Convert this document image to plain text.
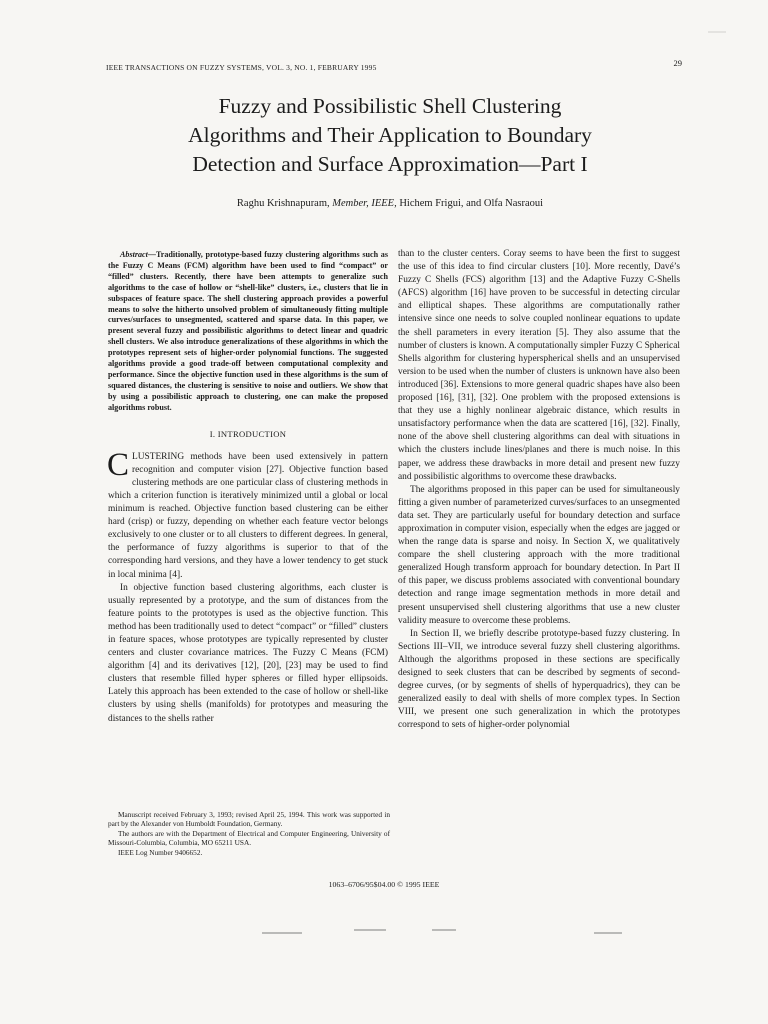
IEEE TRANSACTIONS ON FUZZY SYSTEMS, VOL. 3, NO. 1, FEBRUARY 1995	29
Fuzzy and Possibilistic Shell Clustering
Algorithms and Their Application to Boundary
Detection and Surface Approximation—Part I
Raghu Krishnapuram, Member, IEEE, Hichem Frigui, and Olfa Nasraoui

Abstract—Traditionally, prototype-based fuzzy clustering algorithms such as the Fuzzy C Means (FCM) algorithm have been used to find “compact” or “filled” clusters. Recently, there have been attempts to generalize such algorithms to the case of hollow or “shell-like” clusters, i.e., clusters that lie in subspaces of feature space. The shell clustering approach provides a powerful means to solve the hitherto unsolved problem of simultaneously fitting multiple curves/surfaces to unsegmented, scattered and sparse data. In this paper, we present several fuzzy and possibilistic algorithms to detect linear and quadric shell clusters. We also introduce generalizations of these algorithms in which the prototypes represent sets of higher-order polynomial functions. The suggested algorithms provide a good trade-off between computational complexity and performance. Since the objective function used in these algorithms is the sum of squared distances, the clustering is sensitive to noise and outliers. We show that by using a possibilistic approach to clustering, one can make the proposed algorithms robust.

I. INTRODUCTION

CLUSTERING methods have been used extensively in pattern recognition and computer vision [27]. Objective function based clustering methods are one particular class of clustering methods in which a criterion function is iteratively minimized until a global or local minimum is reached. Objective function based clustering can be either hard (crisp) or fuzzy, depending on whether each feature vector belongs exclusively to one cluster or to all clusters to different degrees. In general, the performance of fuzzy algorithms is superior to that of the corresponding hard versions, and they have a lower tendency to get stuck in local minima [4].

In objective function based clustering algorithms, each cluster is usually represented by a prototype, and the sum of distances from the feature points to the prototypes is used as the objective function. This method has been traditionally used to detect “compact” or “filled” clusters in feature spaces, whose prototypes are typically represented by cluster centers and cluster covariance matrices. The Fuzzy C Means (FCM) algorithm [4] and its derivatives [12], [20], [23] may be used to find clusters that resemble filled hyper spheres or filled hyper ellipsoids. Lately this approach has been extended to the case of hollow or shell-like clusters by using shells (manifolds) for prototypes and measuring the distances to the shells rather

Manuscript received February 3, 1993; revised April 25, 1994. This work was supported in part by the Alexander von Humboldt Foundation, Germany.

The authors are with the Department of Electrical and Computer Engineering, University of Missouri-Columbia, Columbia, MO 65211 USA.

IEEE Log Number 9406652.

than to the cluster centers. Coray seems to have been the first to suggest the use of this idea to find circular clusters [10]. More recently, Davé’s Fuzzy C Shells (FCS) algorithm [13] and the Adaptive Fuzzy C-Shells (AFCS) algorithm [16] have proven to be successful in detecting circular and elliptical shapes. These algorithms are computationally rather intensive since one needs to solve coupled nonlinear equations to update the shell parameters in every iteration [5]. They also assume that the number of clusters is known. A computationally simpler Fuzzy C Spherical Shells algorithm for clustering hyperspherical shells and an unsupervised version to be used when the number of clusters is unknown have also been introduced [36]. Extensions to more general quadric shapes have also been proposed [16], [31], [32]. One problem with the proposed extensions is that they use a highly nonlinear algebraic distance, which results in unsatisfactory performance when the data are scattered [16], [32]. Finally, none of the above shell clustering algorithms can deal with situations in which the clusters include lines/planes and there is much noise. In this paper, we address these drawbacks in more detail and present new fuzzy and possibilistic algorithms to overcome these drawbacks.

The algorithms proposed in this paper can be used for simultaneously fitting a given number of parameterized curves/surfaces to an unsegmented data set. They are particularly useful for boundary detection and surface approximation in computer vision, especially when the edges are jagged or when the range data is sparse and noisy. In Section X, we qualitatively compare the shell clustering approach with the more traditional generalized Hough transform approach for boundary detection. In Part II of this paper, we discuss problems associated with conventional boundary detection and range image segmentation methods in more detail and present unsupervised shell clustering algorithms that use a new cluster validity measure to overcome these problems.

In Section II, we briefly describe prototype-based fuzzy clustering. In Sections III–VII, we introduce several fuzzy shell clustering algorithms. Although the algorithms proposed in these sections are specifically designed to seek clusters that can be described by segments of second-degree curves, (or by segments of shells of hyperquadrics), they can be generalized easily to deal with shells of more complex types. In Section VIII, we present one such generalization in which the prototypes correspond to sets of higher-order polynomial

1063–6706/95$04.00 © 1995 IEEE
